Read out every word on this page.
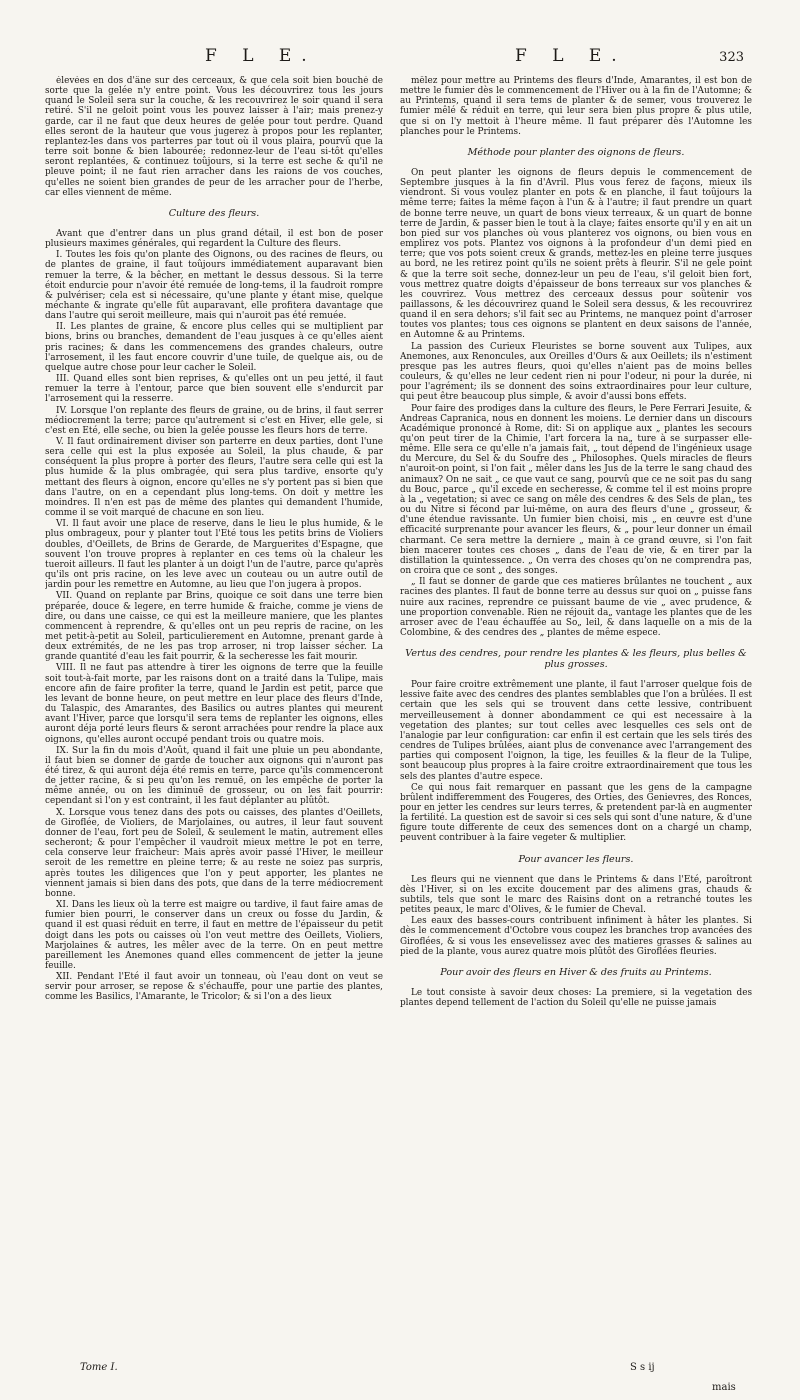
F L E.	F L E.	323

élevées en dos d'âne sur des cerceaux, & que cela soit bien bouché de sorte que la gelée n'y entre point. Vous les découvrirez tous les jours quand le Soleil sera sur la couche, & les recouvrirez le soir quand il sera retiré. S'il ne geloit point vous les pouvez laisser à l'air; mais prenez-y garde, car il ne faut que deux heures de gelée pour tout perdre. Quand elles seront de la hauteur que vous jugerez à propos pour les replanter, replantez-les dans vos parterres par tout où il vous plaira, pourvû que la terre soit bonne & bien labourée; redonnez-leur de l'eau si-tôt qu'elles seront replantées, & continuez toûjours, si la terre est seche & qu'il ne pleuve point; il ne faut rien arracher dans les raions de vos couches, qu'elles ne soient bien grandes de peur de les arracher pour de l'herbe, car elles viennent de même.

Culture des fleurs.

Avant que d'entrer dans un plus grand détail, il est bon de poser plusieurs maximes générales, qui regardent la Culture des fleurs.

I. Toutes les fois qu'on plante des Oignons, ou des racines de fleurs, ou de plantes de graine, il faut toûjours immédiatement auparavant bien remuer la terre, & la bêcher, en mettant le dessus dessous. Si la terre étoit endurcie pour n'avoir été remuée de long-tems, il la faudroit rompre & pulvériser; cela est si nécessaire, qu'une plante y étant mise, quelque méchante & ingrate qu'elle fût auparavant, elle profitera davantage que dans l'autre qui seroit meilleure, mais qui n'auroit pas été remuée.

II. Les plantes de graine, & encore plus celles qui se multiplient par bions, brins ou branches, demandent de l'eau jusques à ce qu'elles aient pris racines; & dans les commencemens des grandes chaleurs, outre l'arrosement, il les faut encore couvrir d'une tuile, de quelque ais, ou de quelque autre chose pour leur cacher le Soleil.

III. Quand elles sont bien reprises, & qu'elles ont un peu jetté, il faut remuer la terre à l'entour, parce que bien souvent elle s'endurcit par l'arrosement qui la resserre.

IV. Lorsque l'on replante des fleurs de graine, ou de brins, il faut serrer médiocrement la terre; parce qu'autrement si c'est en Hiver, elle gele, si c'est en Eté, elle seche, ou bien la gelée pousse les fleurs hors de terre.

V. Il faut ordinairement diviser son parterre en deux parties, dont l'une sera celle qui est la plus exposée au Soleil, la plus chaude, & par conséquent la plus propre à porter des fleurs, l'autre sera celle qui est la plus humide & la plus ombragée, qui sera plus tardive, ensorte qu'y mettant des fleurs à oignon, encore qu'elles ne s'y portent pas si bien que dans l'autre, on en a cependant plus long-tems. On doit y mettre les moindres. Il n'en est pas de même des plantes qui demandent l'humide, comme il se voit marqué de chacune en son lieu.

VI. Il faut avoir une place de reserve, dans le lieu le plus humide, & le plus ombrageux, pour y planter tout l'Eté tous les petits brins de Violiers doubles, d'Oeillets, de Brins de Gerarde, de Marguerites d'Espagne, que souvent l'on trouve propres à replanter en ces tems où la chaleur les tueroit ailleurs. Il faut les planter à un doigt l'un de l'autre, parce qu'après qu'ils ont pris racine, on les leve avec un couteau ou un autre outil de jardin pour les remettre en Automne, au lieu que l'on jugera à propos.

VII. Quand on replante par Brins, quoique ce soit dans une terre bien préparée, douce & legere, en terre humide & fraiche, comme je viens de dire, ou dans une caisse, ce qui est la meilleure maniere, que les plantes commencent à reprendre, & qu'elles ont un peu repris de racine, on les met petit-à-petit au Soleil, particulierement en Automne, prenant garde à deux extrémités, de ne les pas trop arroser, ni trop laisser sécher. La grande quantité d'eau les fait pourrir, & la secheresse les fait mourir.

VIII. Il ne faut pas attendre à tirer les oignons de terre que la feuille soit tout-à-fait morte, par les raisons dont on a traité dans la Tulipe, mais encore afin de faire profiter la terre, quand le Jardin est petit, parce que les levant de bonne heure, on peut mettre en leur place des fleurs d'Inde, du Talaspic, des Amarantes, des Basilics ou autres plantes qui meurent avant l'Hiver, parce que lorsqu'il sera tems de replanter les oignons, elles auront déja porté leurs fleurs & seront arrachées pour rendre la place aux oignons, qu'elles auront occupé pendant trois ou quatre mois.

IX. Sur la fin du mois d'Août, quand il fait une pluie un peu abondante, il faut bien se donner de garde de toucher aux oignons qui n'auront pas été tirez, & qui auront déja été remis en terre, parce qu'ils commenceront de jetter racine, & si peu qu'on les remuë, on les empêche de porter la même année, ou on les diminuë de grosseur, ou on les fait pourrir: cependant si l'on y est contraint, il les faut déplanter au plûtôt.

X. Lorsque vous tenez dans des pots ou caisses, des plantes d'Oeillets, de Giroflée, de Violiers, de Marjolaines, ou autres, il leur faut souvent donner de l'eau, fort peu de Soleil, & seulement le matin, autrement elles secheront; & pour l'empêcher il vaudroit mieux mettre le pot en terre, cela conserve leur fraicheur: Mais après avoir passé l'Hiver, le meilleur seroit de les remettre en pleine terre; & au reste ne soiez pas surpris, après toutes les diligences que l'on y peut apporter, les plantes ne viennent jamais si bien dans des pots, que dans de la terre médiocrement bonne.

XI. Dans les lieux où la terre est maigre ou tardive, il faut faire amas de fumier bien pourri, le conserver dans un creux ou fosse du Jardin, & quand il est quasi réduit en terre, il faut en mettre de l'épaisseur du petit doigt dans les pots ou caisses où l'on veut mettre des Oeillets, Violiers, Marjolaines & autres, les mêler avec de la terre. On en peut mettre pareillement les Anemones quand elles commencent de jetter la jeune feuille.

XII. Pendant l'Eté il faut avoir un tonneau, où l'eau dont on veut se servir pour arroser, se repose & s'échauffe, pour une partie des plantes, comme les Basilics, l'Amarante, le Tricolor; & si l'on a des lieux

mêlez pour mettre au Printems des fleurs d'Inde, Amarantes, il est bon de mettre le fumier dès le commencement de l'Hiver ou à la fin de l'Automne; & au Printems, quand il sera tems de planter & de semer, vous trouverez le fumier mêlé & réduit en terre, qui leur sera bien plus propre & plus utile, que si on l'y mettoit à l'heure même. Il faut préparer dès l'Automne les planches pour le Printems.

Méthode pour planter des oignons de fleurs.

On peut planter les oignons de fleurs depuis le commencement de Septembre jusques à la fin d'Avril. Plus vous ferez de façons, mieux ils viendront. Si vous voulez planter en pots & en planche, il faut toûjours la même terre; faites la même façon à l'un & à l'autre; il faut prendre un quart de bonne terre neuve, un quart de bons vieux terreaux, & un quart de bonne terre de Jardin, & passer bien le tout à la claye; faites ensorte qu'il y en ait un bon pied sur vos planches où vous planterez vos oignons, ou bien vous en emplirez vos pots. Plantez vos oignons à la profondeur d'un demi pied en terre; que vos pots soient creux & grands, mettez-les en pleine terre jusques au bord, ne les retirez point qu'ils ne soient prêts à fleurir. S'il ne gele point & que la terre soit seche, donnez-leur un peu de l'eau, s'il geloit bien fort, vous mettrez quatre doigts d'épaisseur de bons terreaux sur vos planches & les couvrirez. Vous mettrez des cerceaux dessus pour soûtenir vos paillassons, & les découvrirez quand le Soleil sera dessus, & les recouvrirez quand il en sera dehors; s'il fait sec au Printems, ne manquez point d'arroser toutes vos plantes; tous ces oignons se plantent en deux saisons de l'année, en Automne & au Printems.

La passion des Curieux Fleuristes se borne souvent aux Tulipes, aux Anemones, aux Renoncules, aux Oreilles d'Ours & aux Oeillets; ils n'estiment presque pas les autres fleurs, quoi qu'elles n'aient pas de moins belles couleurs, & qu'elles ne leur cedent rien ni pour l'odeur, ni pour la durée, ni pour l'agrément; ils se donnent des soins extraordinaires pour leur culture, qui peut être beaucoup plus simple, & avoir d'aussi bons effets.

Pour faire des prodiges dans la culture des fleurs, le Pere Ferrari Jesuite, & Andreas Capranica, nous en donnent les moiens. Le dernier dans un discours Académique prononcé à Rome, dit: Si on applique aux „ plantes les secours qu'on peut tirer de la Chimie, l'art forcera la na„ ture à se surpasser elle-même. Elle sera ce qu'elle n'a jamais fait, „ tout dépend de l'ingénieux usage du Mercure, du Sel & du Soufre des „ Philosophes. Quels miracles de fleurs n'auroit-on point, si l'on fait „ mêler dans les Jus de la terre le sang chaud des animaux? On ne sait „ ce que vaut ce sang, pourvû que ce ne soit pas du sang du Bouc, parce „ qu'il excede en secheresse, & comme tel il est moins propre à la „ vegetation; si avec ce sang on mêle des cendres & des Sels de plan„ tes ou du Nitre si fécond par lui-même, on aura des fleurs d'une „ grosseur, & d'une étendue ravissante. Un fumier bien choisi, mis „ en œuvre est d'une efficacité surprenante pour avancer les fleurs, & „ pour leur donner un émail charmant. Ce sera mettre la derniere „ main à ce grand œuvre, si l'on fait bien macerer toutes ces choses „ dans de l'eau de vie, & en tirer par la distillation la quintessence. „ On verra des choses qu'on ne comprendra pas, on croira que ce sont „ des songes.

„ Il faut se donner de garde que ces matieres brûlantes ne touchent „ aux racines des plantes. Il faut de bonne terre au dessus sur quoi on „ puisse fans nuire aux racines, reprendre ce puissant baume de vie „ avec prudence, & une proportion convenable. Rien ne réjouit da„ vantage les plantes que de les arroser avec de l'eau échauffée au So„ leil, & dans laquelle on a mis de la Colombine, & des cendres des „ plantes de même espece.

Vertus des cendres, pour rendre les plantes & les fleurs, plus belles & plus grosses.

Pour faire croitre extrêmement une plante, il faut l'arroser quelque fois de lessive faite avec des cendres des plantes semblables que l'on a brûlées. Il est certain que les sels qui se trouvent dans cette lessive, contribuent merveilleusement à donner abondamment ce qui est necessaire à la vegetation des plantes; sur tout celles avec lesquelles ces sels ont de l'analogie par leur configuration: car enfin il est certain que les sels tirés des cendres de Tulipes brûlées, aiant plus de convenance avec l'arrangement des parties qui composent l'oignon, la tige, les feuilles & la fleur de la Tulipe, sont beaucoup plus propres à la faire croitre extraordinairement que tous les sels des plantes d'autre espece.

Ce qui nous fait remarquer en passant que les gens de la campagne brûlent indifferemment des Fougeres, des Orties, des Genievres, des Ronces, pour en jetter les cendres sur leurs terres, & pretendent par-là en augmenter la fertilité. La question est de savoir si ces sels qui sont d'une nature, & d'une figure toute differente de ceux des semences dont on a chargé un champ, peuvent contribuer à la faire vegeter & multiplier.

Pour avancer les fleurs.

Les fleurs qui ne viennent que dans le Printems & dans l'Eté, paroîtront dès l'Hiver, si on les excite doucement par des alimens gras, chauds & subtils, tels que sont le marc des Raisins dont on a retranché toutes les petites peaux, le marc d'Olives, & le fumier de Cheval.

Les eaux des basses-cours contribuent infiniment à hâter les plantes. Si dès le commencement d'Octobre vous coupez les branches trop avancées des Giroflées, & si vous les ensevelissez avec des matieres grasses & salines au pied de la plante, vous aurez quatre mois plûtôt des Giroflées fleuries.

Pour avoir des fleurs en Hiver & des fruits au Printems.

Le tout consiste à savoir deux choses: La premiere, si la vegetation des plantes depend tellement de l'action du Soleil qu'elle ne puisse jamais

Tome I.	S s ij
mais
